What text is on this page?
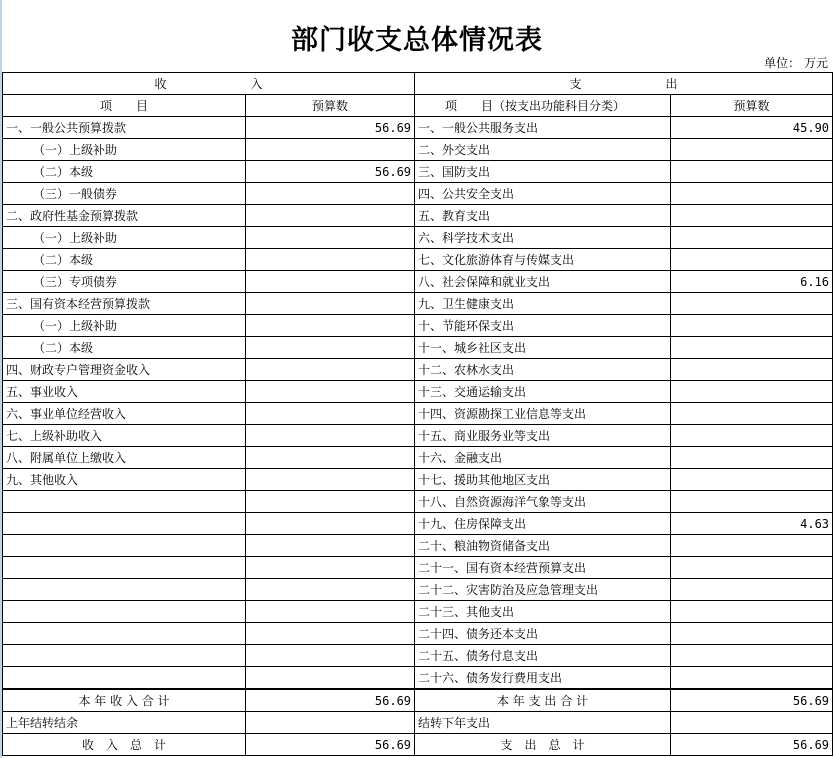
部门收支总体情况表
单位： 万元
收　　　　　　　入		支　　　　　　　出	
项　　目	预算数	项　　目（按支出功能科目分类）	预算数
一、一般公共预算拨款	56.69	一、一般公共服务支出	45.90
（一）上级补助		二、外交支出	
（二）本级	56.69	三、国防支出	
（三）一般债券		四、公共安全支出	
二、政府性基金预算拨款		五、教育支出	
（一）上级补助		六、科学技术支出	
（二）本级		七、文化旅游体育与传媒支出	
（三）专项债券		八、社会保障和就业支出	6.16
三、国有资本经营预算拨款		九、卫生健康支出	
（一）上级补助		十、节能环保支出	
（二）本级		十一、城乡社区支出	
四、财政专户管理资金收入		十二、农林水支出	
五、事业收入		十三、交通运输支出	
六、事业单位经营收入		十四、资源勘探工业信息等支出	
七、上级补助收入		十五、商业服务业等支出	
八、附属单位上缴收入		十六、金融支出	
九、其他收入		十七、援助其他地区支出	
		十八、自然资源海洋气象等支出	
		十九、住房保障支出	4.63
		二十、粮油物资储备支出	
		二十一、国有资本经营预算支出	
		二十二、灾害防治及应急管理支出	
		二十三、其他支出	
		二十四、债务还本支出	
		二十五、债务付息支出	
		二十六、债务发行费用支出	
本 年 收 入 合 计	56.69	本 年 支 出 合 计	56.69
上年结转结余		结转下年支出	
收　入　总　计	56.69	支　出　总　计	56.69
